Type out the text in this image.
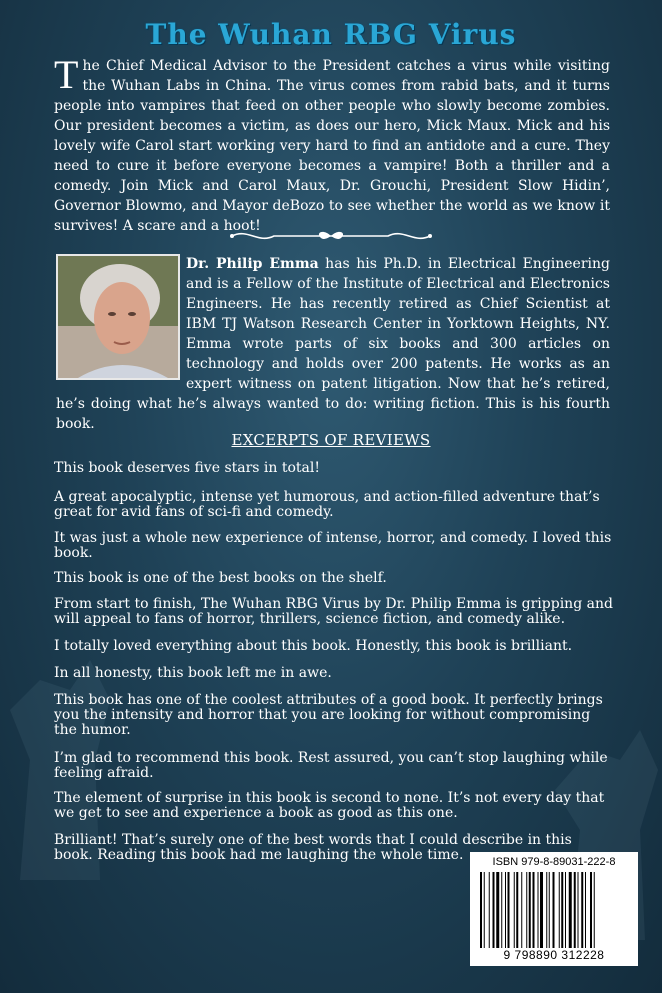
The Wuhan RBG Virus
The Chief Medical Advisor to the President catches a virus while visiting the Wuhan Labs in China. The virus comes from rabid bats, and it turns people into vampires that feed on other people who slowly become zombies. Our president becomes a victim, as does our hero, Mick Maux. Mick and his lovely wife Carol start working very hard to find an antidote and a cure. They need to cure it before everyone becomes a vampire! Both a thriller and a comedy. Join Mick and Carol Maux, Dr. Grouchi, President Slow Hidin’, Governor Blowmo, and Mayor deBozo to see whether the world as we know it survives! A scare and a hoot!
Dr. Philip Emma has his Ph.D. in Electrical Engineering and is a Fellow of the Institute of Electrical and Electronics Engineers. He has recently retired as Chief Scientist at IBM TJ Watson Research Center in Yorktown Heights, NY. Emma wrote parts of six books and 300 articles on technology and holds over 200 patents. He works as an expert witness on patent litigation. Now that he’s retired, he’s doing what he’s always wanted to do: writing fiction. This is his fourth book.
EXCERPTS OF REVIEWS
This book deserves five stars in total!
A great apocalyptic, intense yet humorous, and action-filled adventure that’s great for avid fans of sci-fi and comedy.
It was just a whole new experience of intense, horror, and comedy. I loved this book.
This book is one of the best books on the shelf.
From start to finish, The Wuhan RBG Virus by Dr. Philip Emma is gripping and will appeal to fans of horror, thrillers, science fiction, and comedy alike.
I totally loved everything about this book. Honestly, this book is brilliant.
In all honesty, this book left me in awe.
This book has one of the coolest attributes of a good book. It perfectly brings you the intensity and horror that you are looking for without compromising the humor.
I’m glad to recommend this book. Rest assured, you can’t stop laughing while feeling afraid.
The element of surprise in this book is second to none. It’s not every day that we get to see and experience a book as good as this one.
Brilliant! That’s surely one of the best words that I could describe in this book. Reading this book had me laughing the whole time.	ISBN 979-8-89031-222-8
9 798890 312228
